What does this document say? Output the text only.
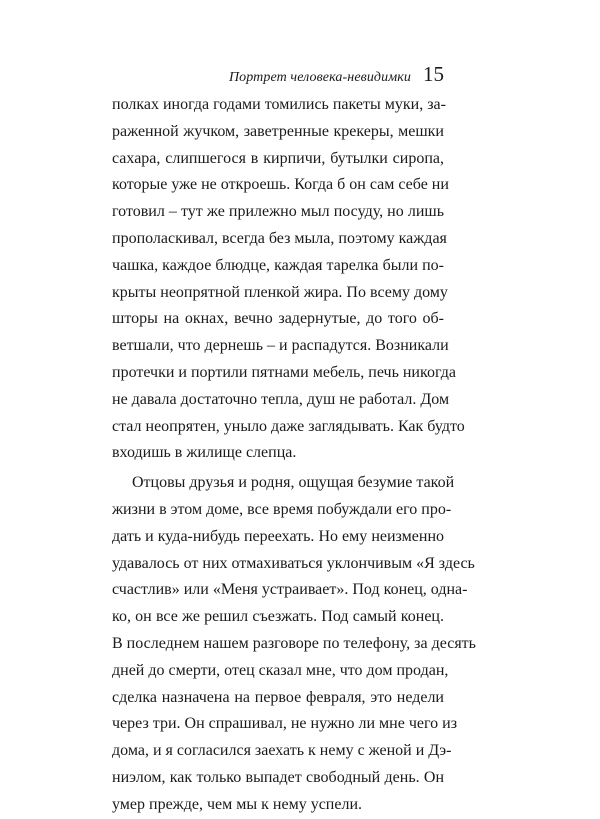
Портрет человека-невидимки 15
полках иногда годами томились пакеты муки, за-
раженной жучком, заветренные крекеры, мешки
сахара, слипшегося в кирпичи, бутылки сиропа,
которые уже не откроешь. Когда б он сам себе ни
готовил – тут же прилежно мыл посуду, но лишь
прополаскивал, всегда без мыла, поэтому каждая
чашка, каждое блюдце, каждая тарелка были по-
крыты неопрятной пленкой жира. По всему дому
шторы на окнах, вечно задернутые, до того об-
ветшали, что дернешь – и распадутся. Возникали
протечки и портили пятнами мебель, печь никогда
не давала достаточно тепла, душ не работал. Дом
стал неопрятен, уныло даже заглядывать. Как будто
входишь в жилище слепца.
Отцовы друзья и родня, ощущая безумие такой
жизни в этом доме, все время побуждали его про-
дать и куда-нибудь переехать. Но ему неизменно
удавалось от них отмахиваться уклончивым «Я здесь
счастлив» или «Меня устраивает». Под конец, одна-
ко, он все же решил съезжать. Под самый конец.
В последнем нашем разговоре по телефону, за десять
дней до смерти, отец сказал мне, что дом продан,
сделка назначена на первое февраля, это недели
через три. Он спрашивал, не нужно ли мне чего из
дома, и я согласился заехать к нему с женой и Дэ-
ниэлом, как только выпадет свободный день. Он
умер прежде, чем мы к нему успели.
